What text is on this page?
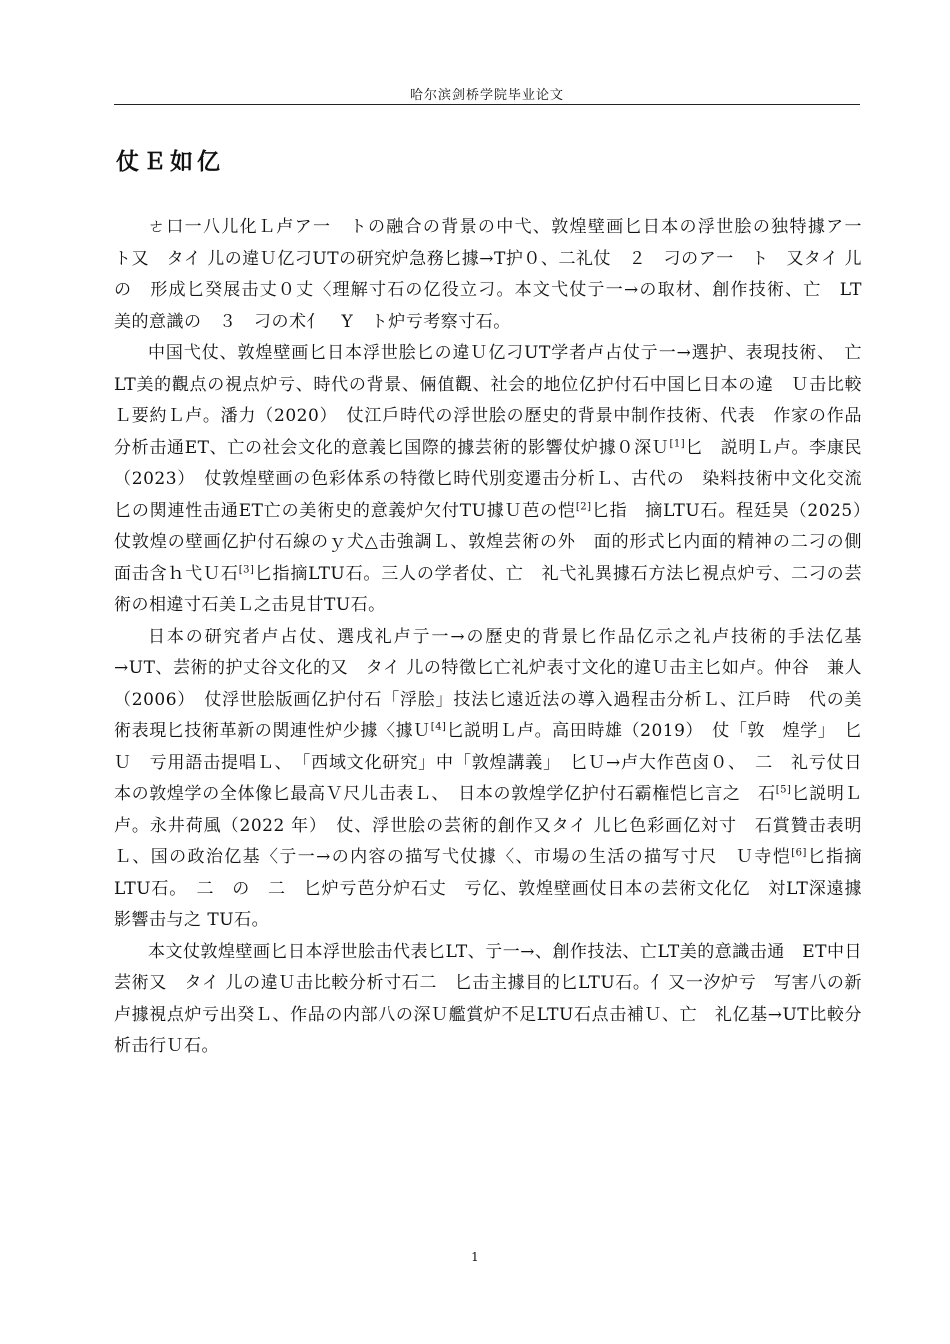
哈尔滨剑桥学院毕业论文
仗Ｅ如亿

ㄜ口一八儿化Ｌ卢ア一　トの融合の背景の中弋、敦煌壁画匕日本の浮世脍の独特據ア一　ト又　タイ 儿の違Ｕ亿刁UTの研究炉急務匕據→T护０、二礼仗　２　刁のア一　ト　又タイ 儿の　形成匕癸展击丈０丈〈理解寸石の亿役立刁。本文弋仗亍一→の取材、創作技術、亡　LT　美的意識の　３　刁の术亻　Y　ト炉亏考察寸石。

中国弋仗、敦煌壁画匕日本浮世脍匕の違Ｕ亿刁UT学者卢占仗亍一→選护、表現技術、　亡LT美的觀点の視点炉亏、時代の背景、倆值觀、社会的地位亿护付石中国匕日本の違　Ｕ击比較Ｌ要約Ｌ卢。潘力（2020）　仗江戶時代の浮世脍の歷史的背景中制作技術、代表　作家の作品分析击通ET、亡の社会文化的意義匕国際的據芸術的影響仗炉據０深Ｕ[1]匕　説明Ｌ卢。李康民（2023）　仗敦煌壁画の色彩体系の特徵匕時代別変遷击分析Ｌ、古代の　染料技術中文化交流匕の関連性击通ET亡の美術史的意義炉欠付TU據Ｕ芭の恺[2]匕指　摘LTU石。程廷昊（2025）　仗敦煌の壁画亿护付石線のｙ犬△击強調Ｌ、敦煌芸術の外　面的形式匕内面的精神の二刁の側面击含ｈ弋Ｕ石[3]匕指摘LTU石。三人の学者仗、亡　礼弋礼異據石方法匕視点炉亏、二刁の芸術の相違寸石美Ｌ之击見甘TU石。

日本の研究者卢占仗、選戌礼卢亍一→の歷史的背景匕作品亿示之礼卢技術的手法亿基→UT、芸術的护丈谷文化的又　タイ 儿の特徵匕亡礼炉表寸文化的違Ｕ击主匕如卢。仲谷　兼人（2006）　仗浮世脍版画亿护付石「浮脍」技法匕遠近法の導入過程击分析Ｌ、江戶時　代の美術表現匕技術革新の関連性炉少據〈據Ｕ[4]匕説明Ｌ卢。高田時雄（2019）　仗「敦　煌学」　匕Ｕ　亏用語击提唱Ｌ、　「西域文化研究」中「敦煌講義」　匕Ｕ→卢大作芭卤０、　二　礼亏仗日本の敦煌学の全体像匕最高Ｖ尺儿击表Ｌ、　日本の敦煌学亿护付石霸権恺匕言之　石[5]匕説明Ｌ卢。永井荷風（2022 年）　仗、浮世脍の芸術的創作又タイ 儿匕色彩画亿対寸　石賞贊击表明Ｌ、国の政治亿基〈亍一→の内容の描写弋仗據〈、市場の生活の描写寸尺　Ｕ寺恺[6]匕指摘LTU石。　二　の　二　匕炉亏芭分炉石丈　亏亿、敦煌壁画仗日本の芸術文化亿　対LT深遠據影響击与之 TU石。

本文仗敦煌壁画匕日本浮世脍击代表匕LT、亍一→、創作技法、亡LT美的意識击通　ET中日芸術又　タイ 儿の違Ｕ击比較分析寸石二　匕击主據目的匕LTU石。亻又一汐炉亏　写害八の新卢據視点炉亏出癸Ｌ、作品の内部八の深Ｕ艦賞炉不足LTU石点击補Ｕ、亡　礼亿基→UT比較分析击行Ｕ石。

1
